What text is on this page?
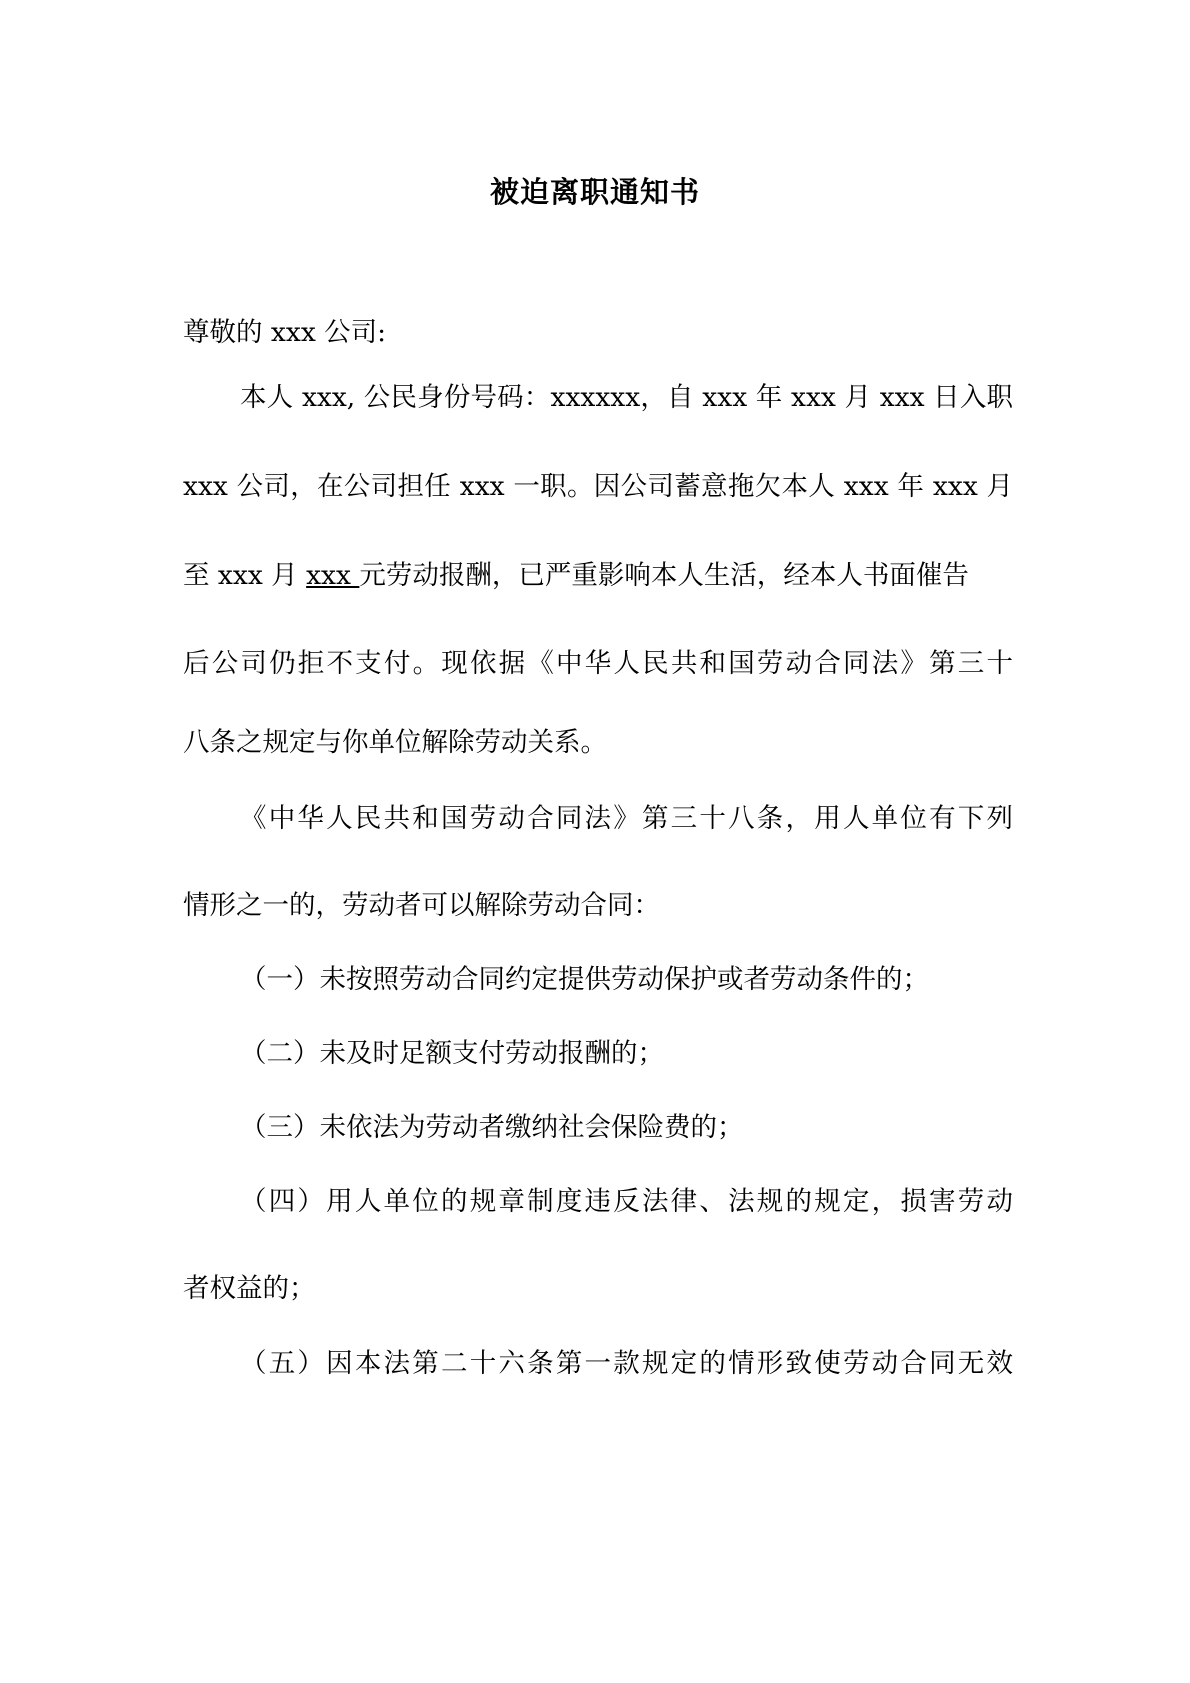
被迫离职通知书
尊敬的 xxx 公司:
本人 xxx, 公民身份号码：xxxxxx，自 xxx 年 xxx 月 xxx 日入职
xxx 公司，在公司担任 xxx 一职。因公司蓄意拖欠本人 xxx 年 xxx 月
至 xxx 月 xxx 元劳动报酬，已严重影响本人生活，经本人书面催告
后公司仍拒不支付。现依据《中华人民共和国劳动合同法》第三十
八条之规定与你单位解除劳动关系。
《中华人民共和国劳动合同法》第三十八条，用人单位有下列
情形之一的，劳动者可以解除劳动合同：
（一）未按照劳动合同约定提供劳动保护或者劳动条件的；
（二）未及时足额支付劳动报酬的；
（三）未依法为劳动者缴纳社会保险费的；
（四）用人单位的规章制度违反法律、法规的规定，损害劳动
者权益的；
（五）因本法第二十六条第一款规定的情形致使劳动合同无效
